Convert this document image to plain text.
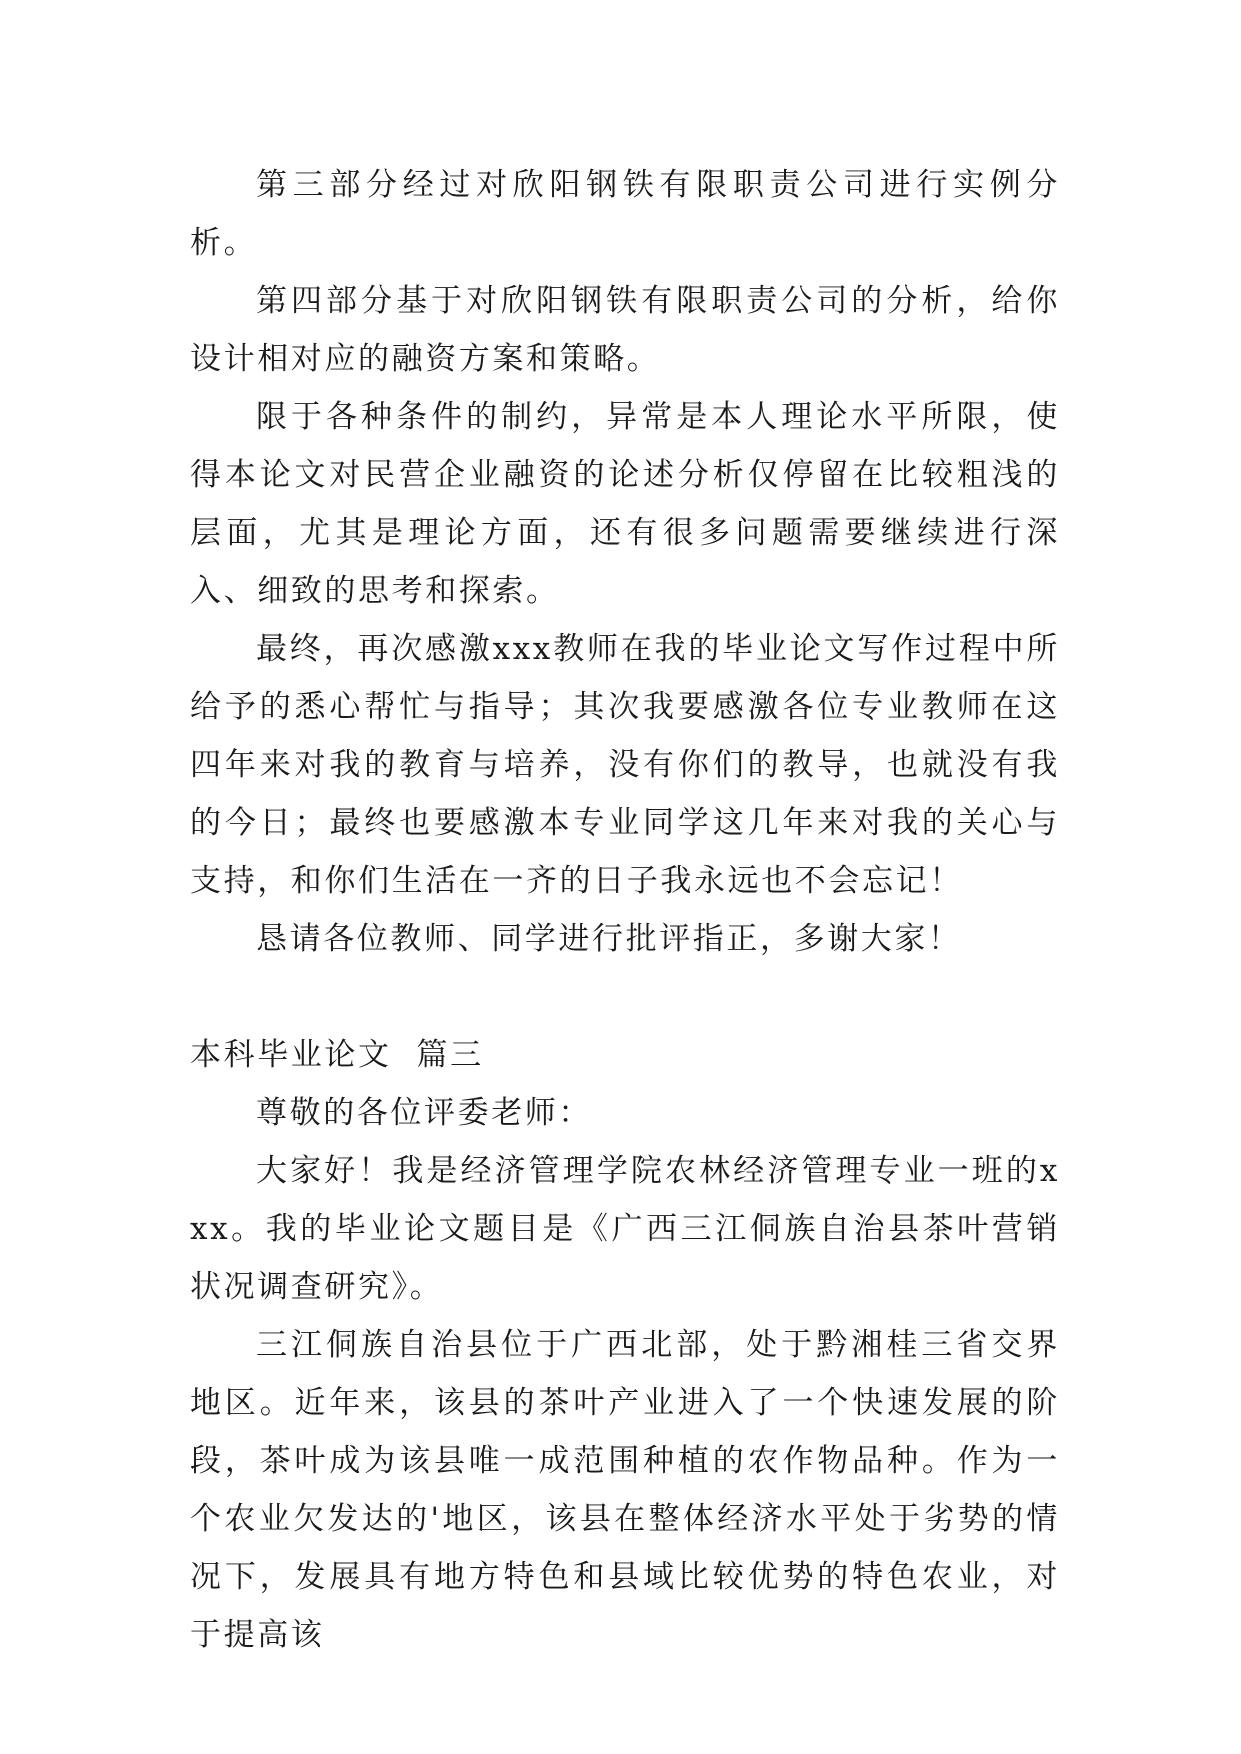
第三部分经过对欣阳钢铁有限职责公司进行实例分析。

第四部分基于对欣阳钢铁有限职责公司的分析，给你设计相对应的融资方案和策略。

限于各种条件的制约，异常是本人理论水平所限，使得本论文对民营企业融资的论述分析仅停留在比较粗浅的层面，尤其是理论方面，还有很多问题需要继续进行深入、细致的思考和探索。

最终，再次感激xxx教师在我的毕业论文写作过程中所给予的悉心帮忙与指导；其次我要感激各位专业教师在这四年来对我的教育与培养，没有你们的教导，也就没有我的今日；最终也要感激本专业同学这几年来对我的关心与支持，和你们生活在一齐的日子我永远也不会忘记！

恳请各位教师、同学进行批评指正，多谢大家！

本科毕业论文  篇三

尊敬的各位评委老师：

大家好！我是经济管理学院农林经济管理专业一班的xxx。我的毕业论文题目是《广西三江侗族自治县茶叶营销状况调查研究》。

三江侗族自治县位于广西北部，处于黔湘桂三省交界地区。近年来，该县的茶叶产业进入了一个快速发展的阶段，茶叶成为该县唯一成范围种植的农作物品种。作为一个农业欠发达的'地区，该县在整体经济水平处于劣势的情况下，发展具有地方特色和县域比较优势的特色农业，对于提高该
